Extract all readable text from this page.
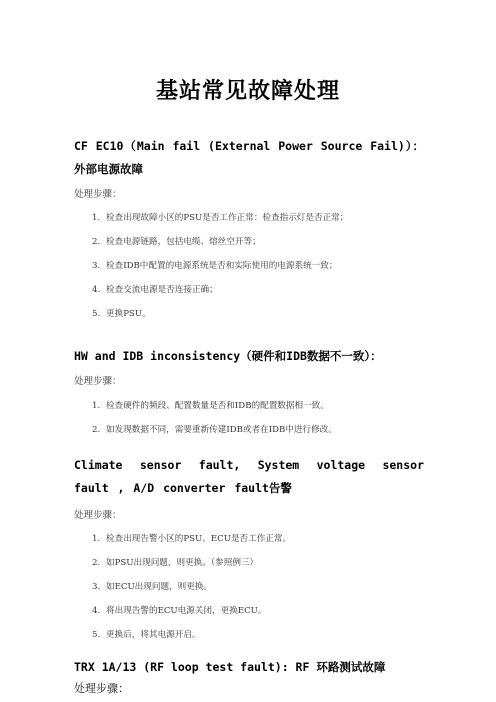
基站常见故障处理
CF EC10（Main fail (External Power Source Fail)）：外部电源故障
处理步骤：
1. 检查出现故障小区的PSU是否工作正常：检查指示灯是否正常；
2. 检查电源链路，包括电缆、熔丝空开等；
3. 检查IDB中配置的电源系统是否和实际使用的电源系统一致；
4. 检查交流电源是否连接正确；
5. 更换PSU。
HW and IDB inconsistency（硬件和IDB数据不一致）：
处理步骤：
1. 检查硬件的频段、配置数量是否和IDB的配置数据相一致。
2. 如发现数据不同，需要重新传建IDB或者在IDB中进行修改。
Climate sensor fault, System voltage sensor fault , A/D converter fault告警
处理步骤：
1. 检查出现告警小区的PSU、ECU是否工作正常。
2. 如PSU出现问题，则更换。（参照例三）
3. 如ECU出现问题，则更换。
4. 将出现告警的ECU电源关闭，更换ECU。
5. 更换后，将其电源开启。
TRX 1A/13 (RF loop test fault): RF 环路测试故障
处理步骤：
